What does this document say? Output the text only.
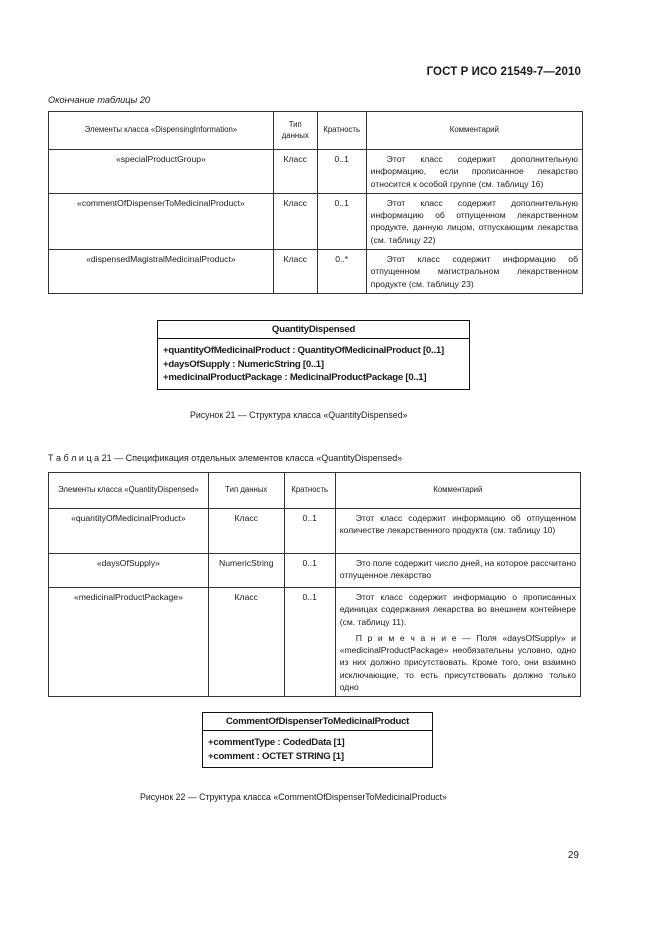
ГОСТ Р ИСО 21549-7—2010
Окончание таблицы 20
Элементы класса «DispensingInformation»	Тип данных	Кратность	Комментарий
«specialProductGroup»	Класс	0..1	Этот класс содержит дополнительную информацию, если прописанное лекарство относится к особой группе (см. таблицу 16)

«commentOfDispenserToMedicinalProduct»	Класс	0..1	Этот класс содержит дополнительную информацию об отпущенном лекарственном продукте, данную лицом, отпускающим лекарства (см. таблицу 22)

«dispensedMagistralMedicinalProduct»	Класс	0..*	Этот класс содержит информацию об отпущенном магистральном лекарственном продукте (см. таблицу 23)

QuantityDispensed
+quantityOfMedicinalProduct : QuantityOfMedicinalProduct [0..1]
+daysOfSupply : NumericString [0..1]
+medicinalProductPackage : MedicinalProductPackage [0..1]
Рисунок 21 — Структура класса «QuantityDispensed»
Т а б л и ц а 21 — Спецификация отдельных элементов класса «QuantityDispensed»
Элементы класса «QuantityDispensed»	Тип данных	Кратность	Комментарий
«quantityOfMedicinalProduct»	Класс	0..1	Этот класс содержит информацию об отпущенном количестве лекарственного продукта (см. таблицу 10)

«daysOfSupply»	NumericString	0..1	Это поле содержит число дней, на которое рассчитано отпущенное лекарство

«medicinalProductPackage»	Класс	0..1	Этот класс содержит информацию о прописанных единицах содержания лекарства во внешнем контейнере (см. таблицу 11).

П р и м е ч а н и е — Поля «daysOfSupply» и «medicinalProductPackage» необязательны условно, одно из них должно присутствовать. Кроме того, они взаимно исключающие, то есть присутствовать должно только одно

CommentOfDispenserToMedicinalProduct
+commentType : CodedData [1]
+comment : OCTET STRING [1]
Рисунок 22 — Структура класса «CommentOfDispenserToMedicinalProduct»
29
